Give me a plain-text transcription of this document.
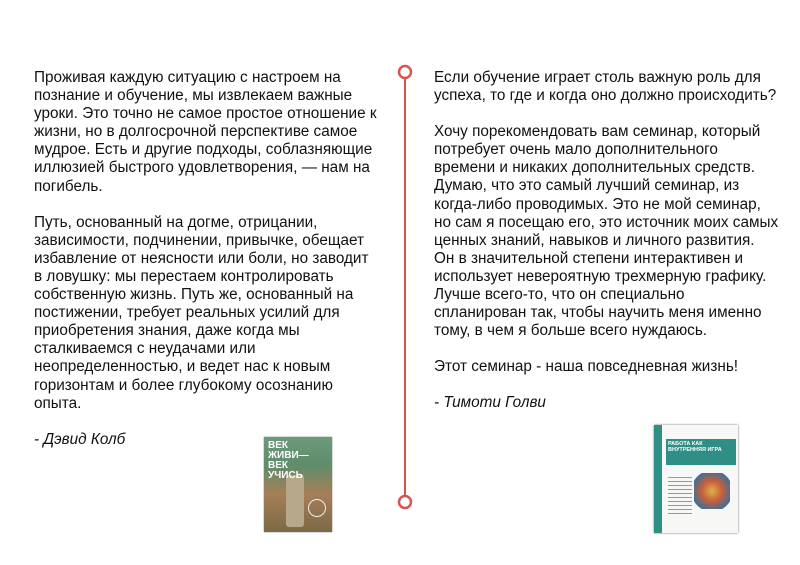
Проживая каждую ситуацию с настроем на познание и обучение, мы извлекаем важные уроки. Это точно не самое простое отношение к жизни, но в долгосрочной перспективе самое мудрое. Есть и другие подходы, соблазняющие иллюзией быстрого удовлетворения, — нам на погибель.

Путь, основанный на догме, отрицании, зависимости, подчинении, привычке, обещает избавление от неясности или боли, но заводит в ловушку: мы перестаем контролировать собственную жизнь. Путь же, основанный на постижении, требует реальных усилий для приобретения знания, даже когда мы сталкиваемся с неудачами или неопределенностью, и ведет нас к новым горизонтам и более глубокому осознанию опыта.

- Дэвид Колб

Если обучение играет столь важную роль для успеха, то где и когда оно должно происходить?

Хочу порекомендовать вам семинар, который потребует очень мало дополнительного времени и никаких дополнительных средств. Думаю, что это самый лучший семинар, из когда-либо проводимых. Это не мой семинар, но сам я посещаю его, это источник моих самых ценных знаний, навыков и личного развития. Он в значительной степени интерактивен и использует невероятную трехмерную графику. Лучше всего-то, что он специально спланирован так, чтобы научить меня именно тому, в чем я больше всего нуждаюсь.

Этот семинар - наша повседневная жизнь!

- Тимоти Голви

ВЕК
ЖИВИ—
ВЕК
УЧИСЬ
РАБОТА КАК
ВНУТРЕННЯЯ ИГРА
